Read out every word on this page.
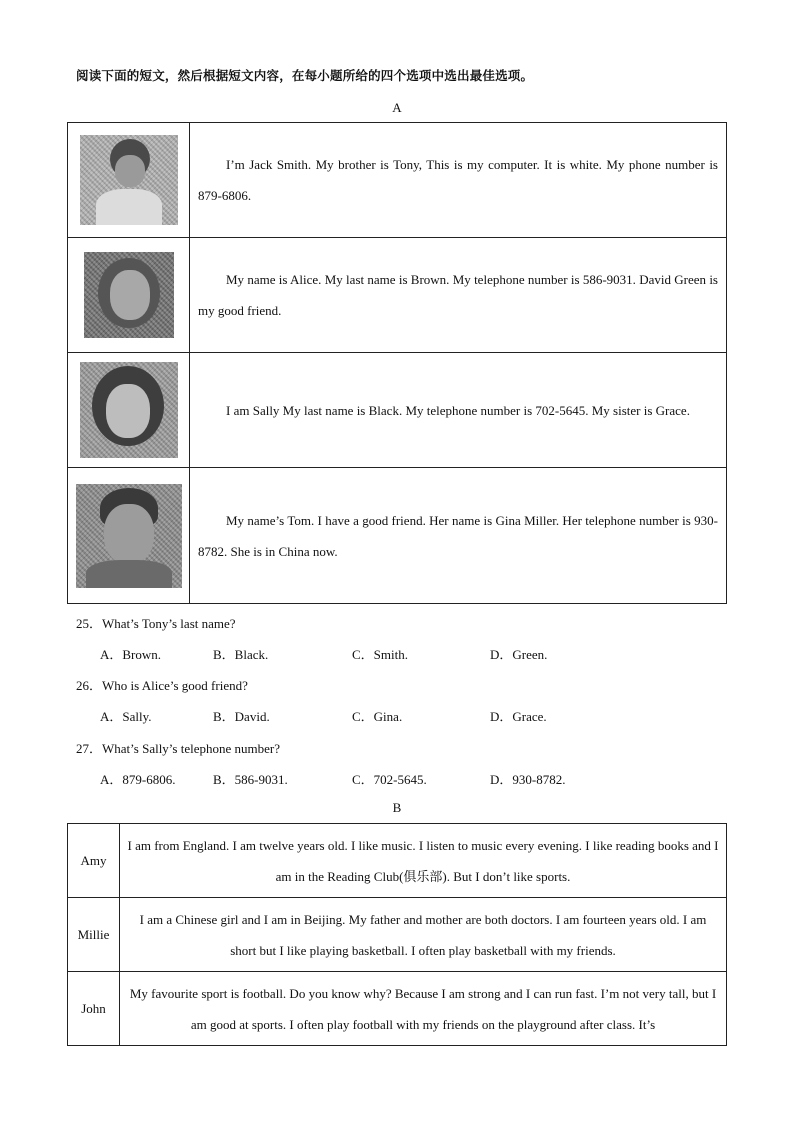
阅读下面的短文，然后根据短文内容，在每小题所给的四个选项中选出最佳选项。
A

	I’m Jack Smith. My brother is Tony, This is my computer. It is white. My phone number is 879-6806.

	My name is Alice. My last name is Brown. My telephone number is 586-9031. David Green is my good friend.

	I am Sally My last name is Black. My telephone number is 702-5645. My sister is Grace.

	My name’s Tom. I have a good friend. Her name is Gina Miller. Her telephone number is 930-8782. She is in China now.
25．What’s Tony’s last name?
A．Brown.	B．Black.	C．Smith.	D．Green.
26．Who is Alice’s good friend?
A．Sally.	B．David.	C．Gina.	D．Grace.
27．What’s Sally’s telephone number?
A．879-6806.	B．586-9031.	C．702-5645.	D．930-8782.
B
Amy	I am from England. I am twelve years old. I like music. I listen to music every evening. I like reading books and I am in the Reading Club(俱乐部). But I don’t like sports.
Millie	I am a Chinese girl and I am in Beijing. My father and mother are both doctors. I am fourteen years old. I am short but I like playing basketball. I often play basketball with my friends.
John	My favourite sport is football. Do you know why? Because I am strong and I can run fast. I’m not very tall, but I am good at sports. I often play football with my friends on the playground after class. It’s
